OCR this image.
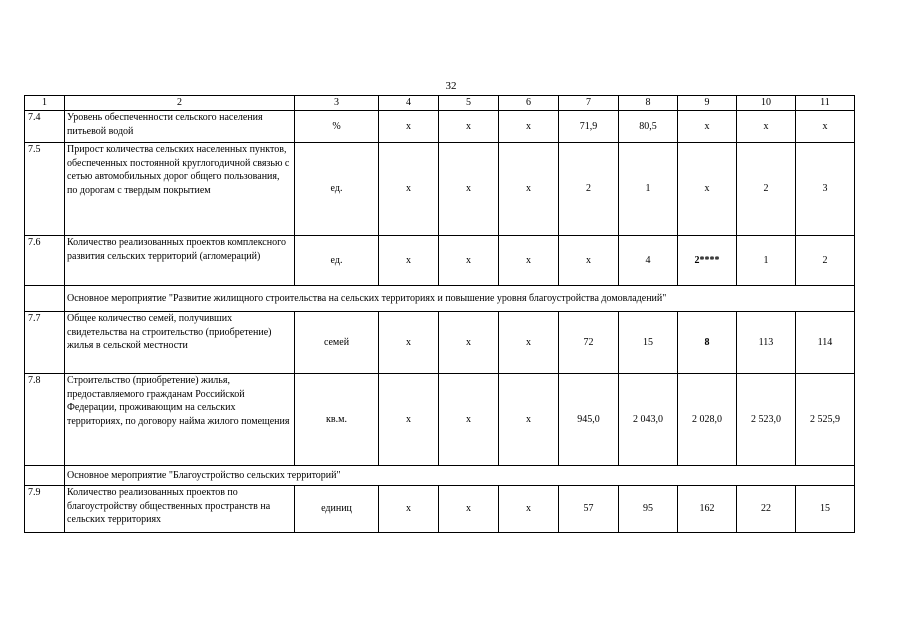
32
1	2	3	4	5	6	7	8	9	10	11
7.4	Уровень обеспеченности сельского населения питьевой водой	%	х	х	х	71,9	80,5	х	х	х
7.5	Прирост количества сельских населенных пунктов, обеспеченных постоянной круглогодичной связью с сетью автомобильных дорог общего пользования, по дорогам с твердым покрытием	ед.	х	х	х	2	1	х	2	3
7.6	Количество реализованных проектов комплексного развития сельских территорий (агломераций)	ед.	х	х	х	х	4	2****	1	2
	Основное мероприятие "Развитие жилищного строительства на сельских территориях и повышение уровня благоустройства домовладений"									
7.7	Общее количество семей, получивших свидетельства на строительство (приобретение) жилья в сельской местности	семей	х	х	х	72	15	8	113	114
7.8	Строительство (приобретение) жилья, предоставляемого гражданам Российской Федерации, проживающим на сельских территориях, по договору найма жилого помещения	кв.м.	х	х	х	945,0	2 043,0	2 028,0	2 523,0	2 525,9
	Основное мероприятие "Благоустройство сельских территорий"									
7.9	Количество реализованных проектов по благоустройству общественных пространств на сельских территориях	единиц	х	х	х	57	95	162	22	15
